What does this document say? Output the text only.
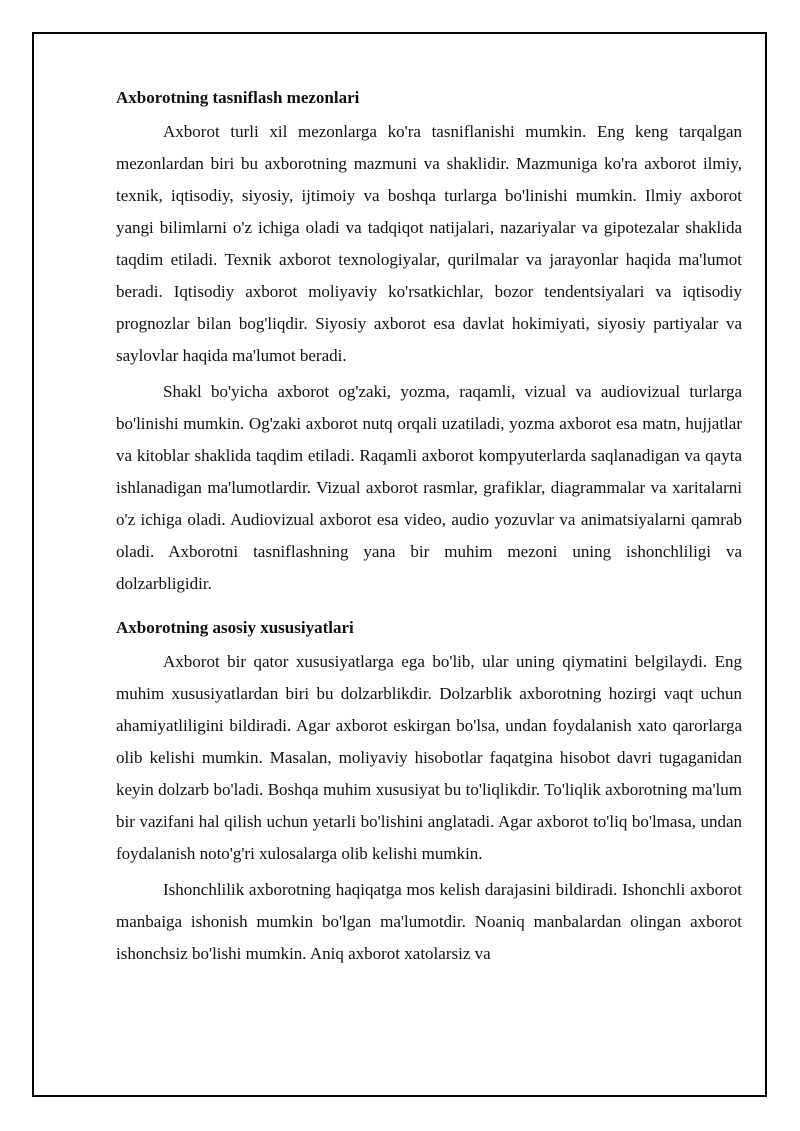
Axborotning tasniflash mezonlari

Axborot turli xil mezonlarga ko'ra tasniflanishi mumkin. Eng keng tarqalgan mezonlardan biri bu axborotning mazmuni va shaklidir. Mazmuniga ko'ra axborot ilmiy, texnik, iqtisodiy, siyosiy, ijtimoiy va boshqa turlarga bo'linishi mumkin. Ilmiy axborot yangi bilimlarni o'z ichiga oladi va tadqiqot natijalari, nazariyalar va gipotezalar shaklida taqdim etiladi. Texnik axborot texnologiyalar, qurilmalar va jarayonlar haqida ma'lumot beradi. Iqtisodiy axborot moliyaviy ko'rsatkichlar, bozor tendentsiyalari va iqtisodiy prognozlar bilan bog'liqdir. Siyosiy axborot esa davlat hokimiyati, siyosiy partiyalar va saylovlar haqida ma'lumot beradi.

Shakl bo'yicha axborot og'zaki, yozma, raqamli, vizual va audiovizual turlarga bo'linishi mumkin. Og'zaki axborot nutq orqali uzatiladi, yozma axborot esa matn, hujjatlar va kitoblar shaklida taqdim etiladi. Raqamli axborot kompyuterlarda saqlanadigan va qayta ishlanadigan ma'lumotlardir. Vizual axborot rasmlar, grafiklar, diagrammalar va xaritalarni o'z ichiga oladi. Audiovizual axborot esa video, audio yozuvlar va animatsiyalarni qamrab oladi. Axborotni tasniflashning yana bir muhim mezoni uning ishonchliligi va dolzarbligidir.

Axborotning asosiy xususiyatlari

Axborot bir qator xususiyatlarga ega bo'lib, ular uning qiymatini belgilaydi. Eng muhim xususiyatlardan biri bu dolzarblikdir. Dolzarblik axborotning hozirgi vaqt uchun ahamiyatliligini bildiradi. Agar axborot eskirgan bo'lsa, undan foydalanish xato qarorlarga olib kelishi mumkin. Masalan, moliyaviy hisobotlar faqatgina hisobot davri tugaganidan keyin dolzarb bo'ladi. Boshqa muhim xususiyat bu to'liqlikdir. To'liqlik axborotning ma'lum bir vazifani hal qilish uchun yetarli bo'lishini anglatadi. Agar axborot to'liq bo'lmasa, undan foydalanish noto'g'ri xulosalarga olib kelishi mumkin.

Ishonchlilik axborotning haqiqatga mos kelish darajasini bildiradi. Ishonchli axborot manbaiga ishonish mumkin bo'lgan ma'lumotdir. Noaniq manbalardan olingan axborot ishonchsiz bo'lishi mumkin. Aniq axborot xatolarsiz va
